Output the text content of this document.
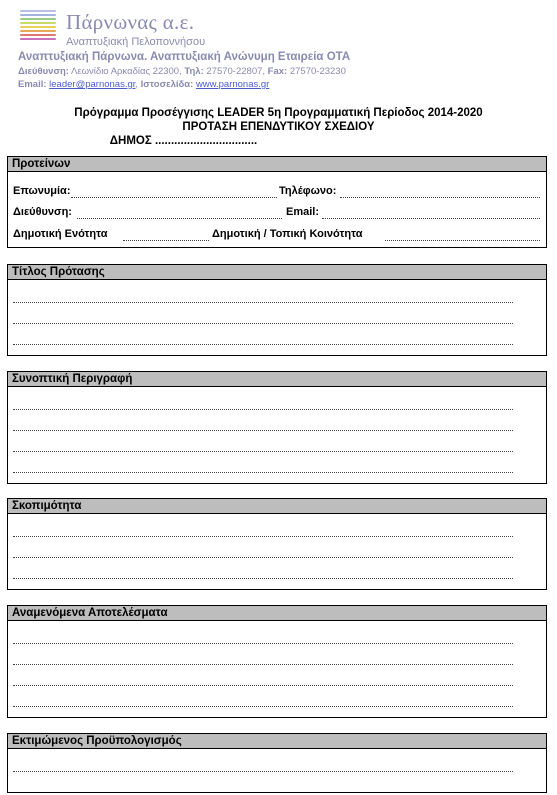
Πάρνωνας α.ε.
Αναπτυξιακή Πελοποννήσου
Αναπτυξιακή Πάρνωνα. Αναπτυξιακή Ανώνυμη Εταιρεία ΟΤΑ
Διεύθυνση: Λεωνίδιο Αρκαδίας 22300, Τηλ: 27570-22807, Fax: 27570-23230
Email: leader@parnonas.gr, Ιστοσελίδα: www.parnonas.gr
Πρόγραμμα Προσέγγισης LEADER 5η Προγραμματική Περίοδος 2014-2020
ΠΡΟΤΑΣΗ ΕΠΕΝΔΥΤΙΚΟΥ ΣΧΕΔΙΟΥ
ΔΗΜΟΣ ................................
Προτείνων
Επωνυμία:	Τηλέφωνο:
Διεύθυνση:	Email:
Δημοτική Ενότητα	Δημοτική / Τοπική Κοινότητα
Τίτλος Πρότασης
Συνοπτική Περιγραφή
Σκοπιμότητα
Αναμενόμενα Αποτελέσματα
Εκτιμώμενος Προϋπολογισμός
